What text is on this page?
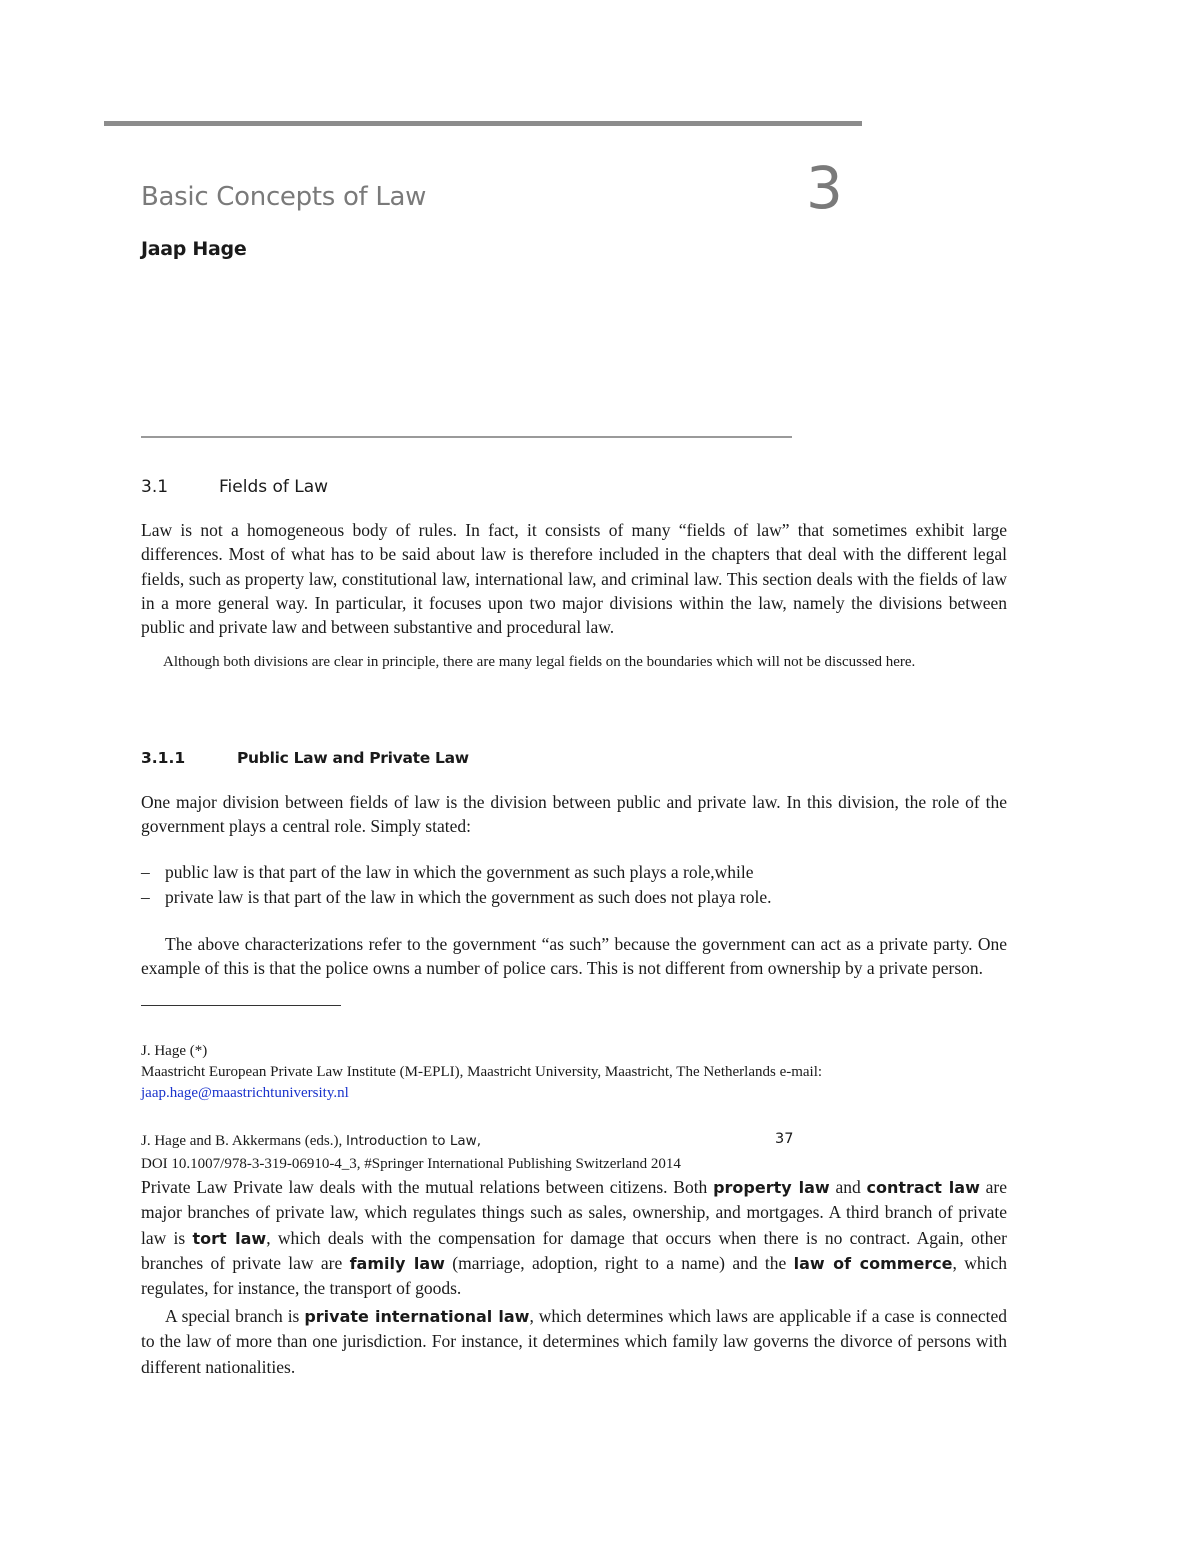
Basic Concepts of Law	3
Jaap Hage
3.1	Fields of Law
Law is not a homogeneous body of rules. In fact, it consists of many “fields of law” that sometimes exhibit large differences. Most of what has to be said about law is therefore included in the chapters that deal with the different legal fields, such as property law, constitutional law, international law, and criminal law. This section deals with the fields of law in a more general way. In particular, it focuses upon two major divisions within the law, namely the divisions between public and private law and between substantive and procedural law.
Although both divisions are clear in principle, there are many legal fields on the boundaries which will not be discussed here.
3.1.1	Public Law and Private Law
One major division between fields of law is the division between public and private law. In this division, the role of the government plays a central role. Simply stated:
– public law is that part of the law in which the government as such plays a role,while
– private law is that part of the law in which the government as such does not playa role.
The above characterizations refer to the government “as such” because the government can act as a private party. One example of this is that the police owns a number of police cars. This is not different from ownership by a private person.
J. Hage (*)
Maastricht European Private Law Institute (M-EPLI), Maastricht University, Maastricht, The Netherlands e-mail:
jaap.hage@maastrichtuniversity.nl
J. Hage and B. Akkermans (eds.), Introduction to Law,	37
DOI 10.1007/978-3-319-06910-4_3, #Springer International Publishing Switzerland 2014
Private Law Private law deals with the mutual relations between citizens. Both property law and contract law are major branches of private law, which regulates things such as sales, ownership, and mortgages. A third branch of private law is tort law, which deals with the compensation for damage that occurs when there is no contract. Again, other branches of private law are family law (marriage, adoption, right to a name) and the law of commerce, which regulates, for instance, the transport of goods.
A special branch is private international law, which determines which laws are applicable if a case is connected to the law of more than one jurisdiction. For instance, it determines which family law governs the divorce of persons with different nationalities.
